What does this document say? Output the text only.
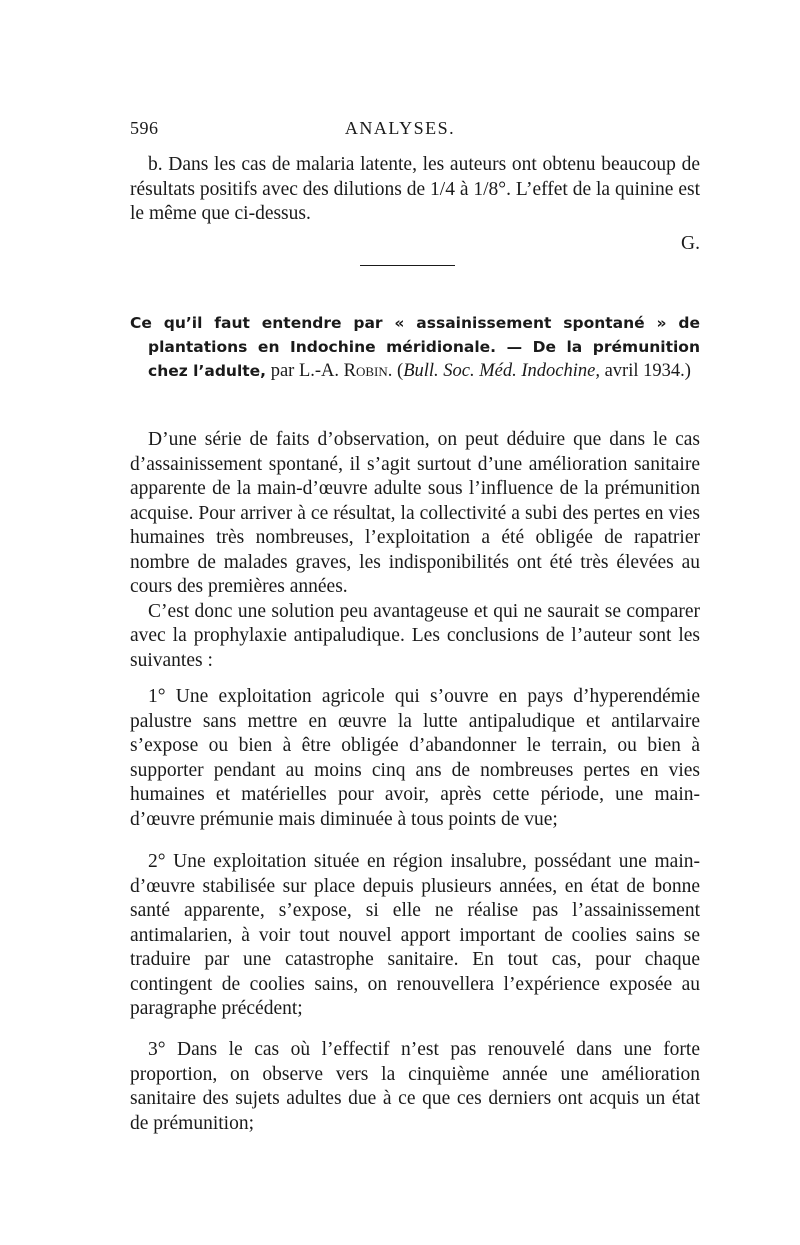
596	ANALYSES.

b. Dans les cas de malaria latente, les auteurs ont obtenu beaucoup de résultats positifs avec des dilutions de 1/4 à 1/8°. L’effet de la quinine est le même que ci-dessus.

G.

Ce qu’il faut entendre par « assainissement spontané » de plantations en Indochine méridionale. — De la prémunition chez l’adulte, par L.-A. Robin. (Bull. Soc. Méd. Indochine, avril 1934.)

D’une série de faits d’observation, on peut déduire que dans le cas d’assainissement spontané, il s’agit surtout d’une amélioration sanitaire apparente de la main-d’œuvre adulte sous l’influence de la prémunition acquise. Pour arriver à ce résultat, la collectivité a subi des pertes en vies humaines très nombreuses, l’exploitation a été obligée de rapatrier nombre de malades graves, les indisponibilités ont été très élevées au cours des premières années.

C’est donc une solution peu avantageuse et qui ne saurait se comparer avec la prophylaxie antipaludique. Les conclusions de l’auteur sont les suivantes :

1° Une exploitation agricole qui s’ouvre en pays d’hyperendémie palustre sans mettre en œuvre la lutte antipaludique et antilarvaire s’expose ou bien à être obligée d’abandonner le terrain, ou bien à supporter pendant au moins cinq ans de nombreuses pertes en vies humaines et matérielles pour avoir, après cette période, une main-d’œuvre prémunie mais diminuée à tous points de vue;

2° Une exploitation située en région insalubre, possédant une main-d’œuvre stabilisée sur place depuis plusieurs années, en état de bonne santé apparente, s’expose, si elle ne réalise pas l’assainissement antimalarien, à voir tout nouvel apport important de coolies sains se traduire par une catastrophe sanitaire. En tout cas, pour chaque contingent de coolies sains, on renouvellera l’expérience exposée au paragraphe précédent;

3° Dans le cas où l’effectif n’est pas renouvelé dans une forte proportion, on observe vers la cinquième année une amélioration sanitaire des sujets adultes due à ce que ces derniers ont acquis un état de prémunition;
